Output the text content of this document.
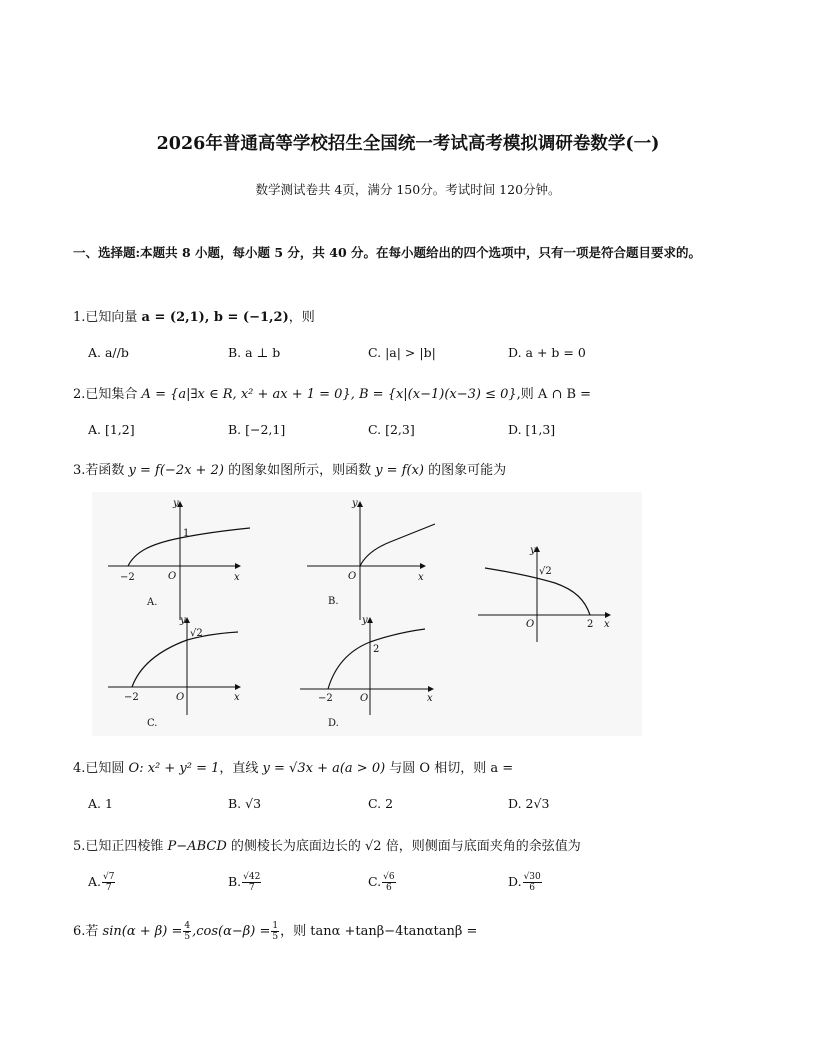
2026年普通高等学校招生全国统一考试高考模拟调研卷数学(一)
数学测试卷共 4页，满分 150分。考试时间 120分钟。
一、选择题:本题共 8 小题，每小题 5 分，共 40 分。在每小题给出的四个选项中，只有一项是符合题目要求的。
1.已知向量 a = (2,1), b = (−1,2)，则
A. a//b	B. a ⊥ b	C. |a| > |b|	D. a + b = 0
2.已知集合 A = {a|∃x ∈ R, x² + ax + 1 = 0}, B = {x|(x−1)(x−3) ≤ 0},则 A ∩ B =
A. [1,2]	B. [−2,1]	C. [2,3]	D. [1,3]
3.若函数 y = f(−2x + 2) 的图象如图所示，则函数 y = f(x) 的图象可能为
y
x
O
1
−2
A.
y
x
O
B.
y
x
O
√2
2
y
x
O
√2
−2
C.
y
x
O
2
−2
D.
4.已知圆 O: x² + y² = 1，直线 y = √3x + a(a > 0) 与圆 O 相切，则 a =
A. 1	B. √3	C. 2	D. 2√3
5.已知正四棱锥 P−ABCD 的侧棱长为底面边长的 √2 倍，则侧面与底面夹角的余弦值为
A. $\frac{√7}{7}$	B. $\frac{√42}{7}$	C. $\frac{√6}{6}$	D. $\frac{√30}{6}$
6.若 $\sin(\alpha + \beta) = \frac{4}{5} ,\cos(\alpha-\beta) = \frac{1}{5}$ ，则 tanα +tanβ−4tanαtanβ =
